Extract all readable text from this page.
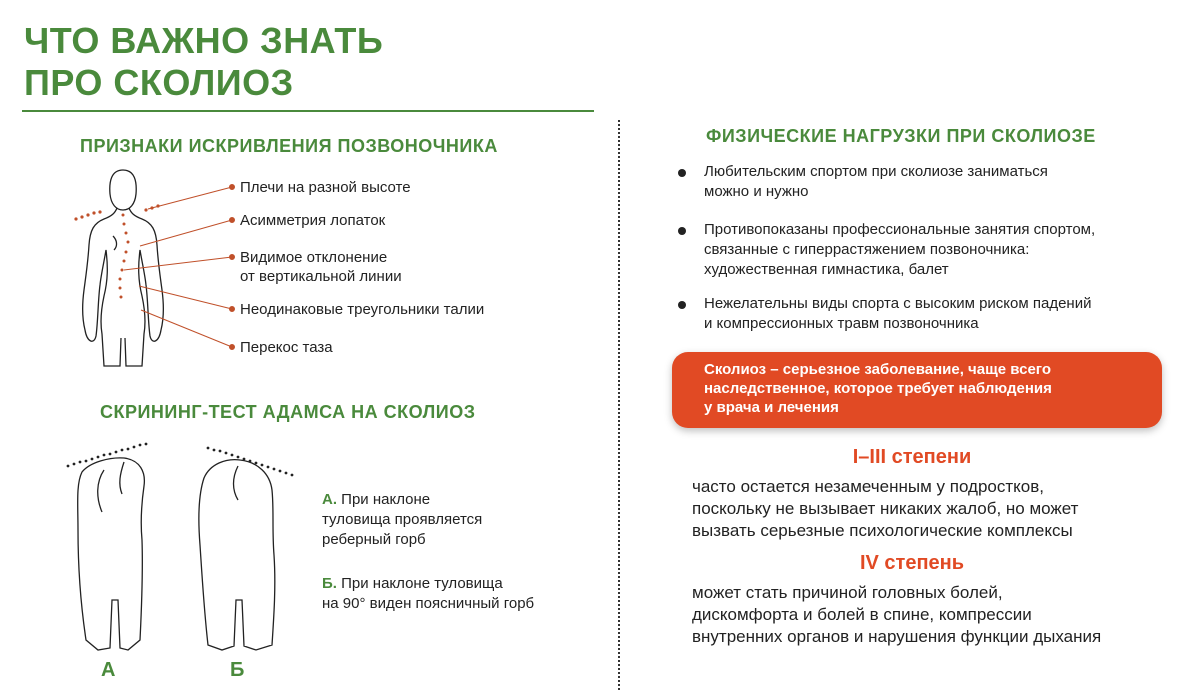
ЧТО ВАЖНО ЗНАТЬ
ПРО СКОЛИОЗ
ПРИЗНАКИ ИСКРИВЛЕНИЯ ПОЗВОНОЧНИКА
Плечи на разной высоте
Асимметрия лопаток
Видимое отклонение
от вертикальной линии
Неодинаковые треугольники талии
Перекос таза
СКРИНИНГ-ТЕСТ АДАМСА НА СКОЛИОЗ
А	Б
А. При наклоне
туловища проявляется
реберный горб
Б. При наклоне туловища
на 90° виден поясничный горб
ФИЗИЧЕСКИЕ НАГРУЗКИ ПРИ СКОЛИОЗЕ
Любительским спортом при сколиозе заниматься
можно и нужно
Противопоказаны профессиональные занятия спортом,
связанные с гиперрастяжением позвоночника:
художественная гимнастика, балет
Нежелательны виды спорта с высоким риском падений
и компрессионных травм позвоночника
Сколиоз – серьезное заболевание, чаще всего
наследственное, которое требует наблюдения
у врача и лечения
I–III степени
часто остается незамеченным у подростков,
поскольку не вызывает никаких жалоб, но может
вызвать серьезные психологические комплексы
IV степень
может стать причиной головных болей,
дискомфорта и болей в спине, компрессии
внутренних органов и нарушения функции дыхания
